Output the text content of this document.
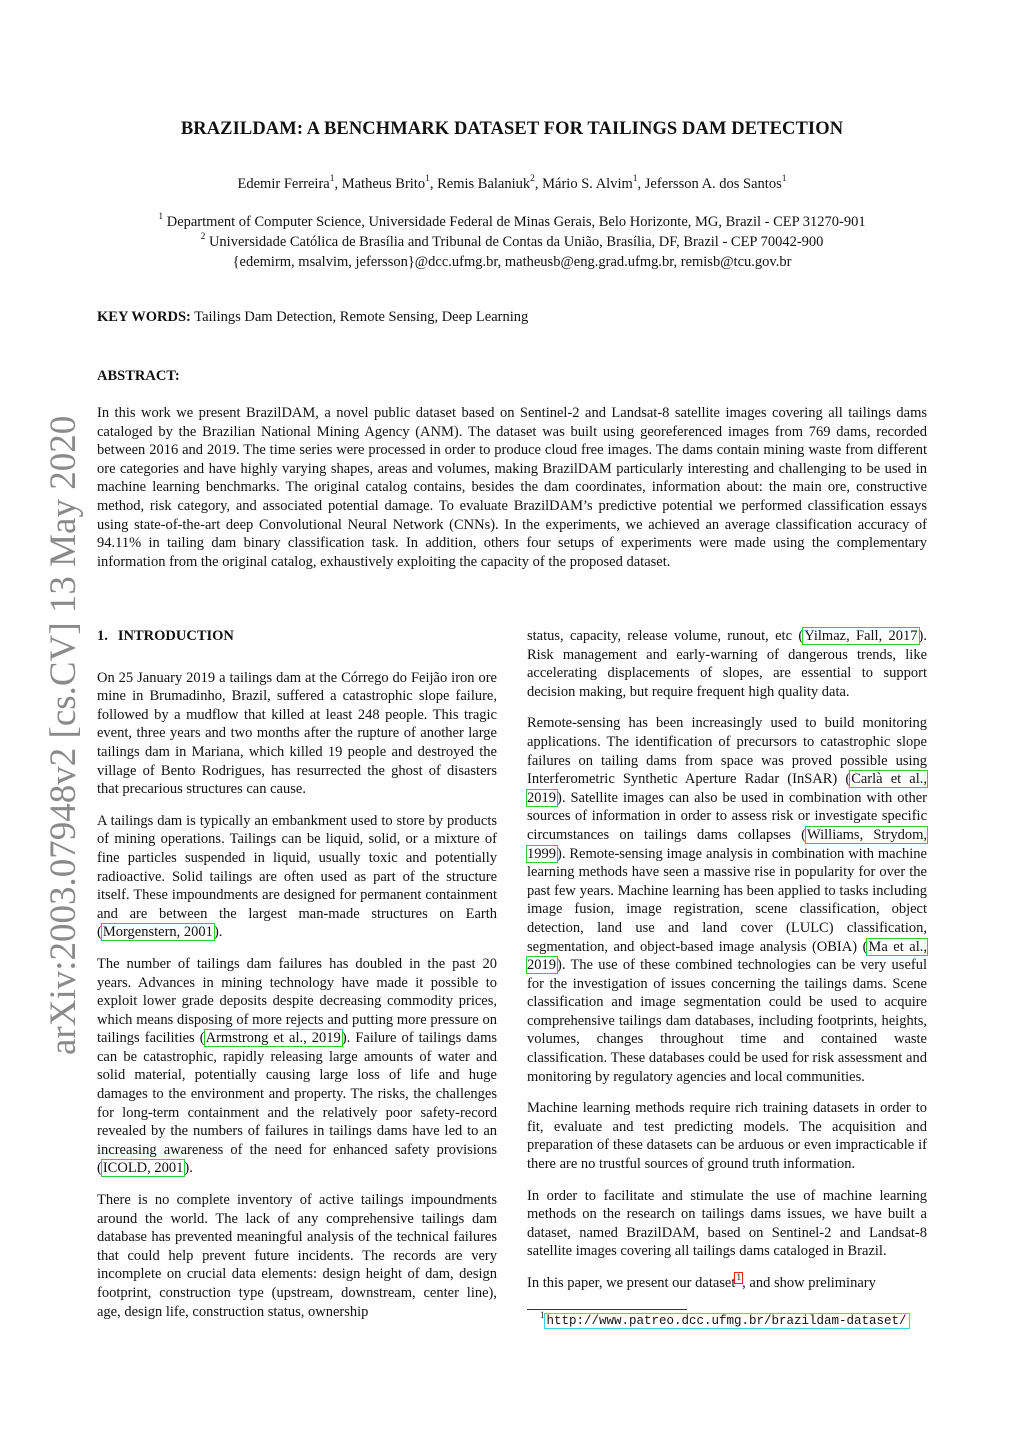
arXiv:2003.07948v2 [cs.CV] 13 May 2020
BRAZILDAM: A BENCHMARK DATASET FOR TAILINGS DAM DETECTION
Edemir Ferreira$^1$, Matheus Brito$^1$, Remis Balaniuk$^2$, Mário S. Alvim$^1$, Jefersson A. dos Santos$^1$
$^1$ Department of Computer Science, Universidade Federal de Minas Gerais, Belo Horizonte, MG, Brazil - CEP 31270-901
$^2$ Universidade Católica de Brasília and Tribunal de Contas da União, Brasília, DF, Brazil - CEP 70042-900
{edemirm, msalvim, jefersson}@dcc.ufmg.br, matheusb@eng.grad.ufmg.br, remisb@tcu.gov.br
KEY WORDS: Tailings Dam Detection, Remote Sensing, Deep Learning
ABSTRACT:
In this work we present BrazilDAM, a novel public dataset based on Sentinel-2 and Landsat-8 satellite images covering all tailings dams cataloged by the Brazilian National Mining Agency (ANM). The dataset was built using georeferenced images from 769 dams, recorded between 2016 and 2019. The time series were processed in order to produce cloud free images. The dams contain mining waste from different ore categories and have highly varying shapes, areas and volumes, making BrazilDAM particularly interesting and challenging to be used in machine learning benchmarks. The original catalog contains, besides the dam coordinates, information about: the main ore, constructive method, risk category, and associated potential damage. To evaluate BrazilDAM’s predictive potential we performed classification essays using state-of-the-art deep Convolutional Neural Network (CNNs). In the experiments, we achieved an average classification accuracy of 94.11% in tailing dam binary classification task. In addition, others four setups of experiments were made using the complementary information from the original catalog, exhaustively exploiting the capacity of the proposed dataset.

1. INTRODUCTION

On 25 January 2019 a tailings dam at the Córrego do Feijão iron ore mine in Brumadinho, Brazil, suffered a catastrophic slope failure, followed by a mudflow that killed at least 248 people. This tragic event, three years and two months after the rupture of another large tailings dam in Mariana, which killed 19 people and destroyed the village of Bento Rodrigues, has resurrected the ghost of disasters that precarious structures can cause.

A tailings dam is typically an embankment used to store by products of mining operations. Tailings can be liquid, solid, or a mixture of fine particles suspended in liquid, usually toxic and potentially radioactive. Solid tailings are often used as part of the structure itself. These impoundments are designed for permanent containment and are between the largest man-made structures on Earth (Morgenstern, 2001).

The number of tailings dam failures has doubled in the past 20 years. Advances in mining technology have made it possible to exploit lower grade deposits despite decreasing commodity prices, which means disposing of more rejects and putting more pressure on tailings facilities (Armstrong et al., 2019). Failure of tailings dams can be catastrophic, rapidly releasing large amounts of water and solid material, potentially causing large loss of life and huge damages to the environment and property. The risks, the challenges for long-term containment and the relatively poor safety-record revealed by the numbers of failures in tailings dams have led to an increasing awareness of the need for enhanced safety provisions (ICOLD, 2001).

There is no complete inventory of active tailings impoundments around the world. The lack of any comprehensive tailings dam database has prevented meaningful analysis of the technical failures that could help prevent future incidents. The records are very incomplete on crucial data elements: design height of dam, design footprint, construction type (upstream, downstream, center line), age, design life, construction status, ownership

status, capacity, release volume, runout, etc (Yilmaz, Fall, 2017). Risk management and early-warning of dangerous trends, like accelerating displacements of slopes, are essential to support decision making, but require frequent high quality data.

Remote-sensing has been increasingly used to build monitoring applications. The identification of precursors to catastrophic slope failures on tailing dams from space was proved possible using Interferometric Synthetic Aperture Radar (InSAR) (Carlà et al., 2019). Satellite images can also be used in combination with other sources of information in order to assess risk or investigate specific circumstances on tailings dams collapses (Williams, Strydom, 1999). Remote-sensing image analysis in combination with machine learning methods have seen a massive rise in popularity for over the past few years. Machine learning has been applied to tasks including image fusion, image registration, scene classification, object detection, land use and land cover (LULC) classification, segmentation, and object-based image analysis (OBIA) (Ma et al., 2019). The use of these combined technologies can be very useful for the investigation of issues concerning the tailings dams. Scene classification and image segmentation could be used to acquire comprehensive tailings dam databases, including footprints, heights, volumes, changes throughout time and contained waste classification. These databases could be used for risk assessment and monitoring by regulatory agencies and local communities.

Machine learning methods require rich training datasets in order to fit, evaluate and test predicting models. The acquisition and preparation of these datasets can be arduous or even impracticable if there are no trustful sources of ground truth information.

In order to facilitate and stimulate the use of machine learning methods on the research on tailings dams issues, we have built a dataset, named BrazilDAM, based on Sentinel-2 and Landsat-8 satellite images covering all tailings dams cataloged in Brazil.

In this paper, we present our dataset$^1$, and show preliminary

$^1$ http://www.patreo.dcc.ufmg.br/brazildam-dataset/
